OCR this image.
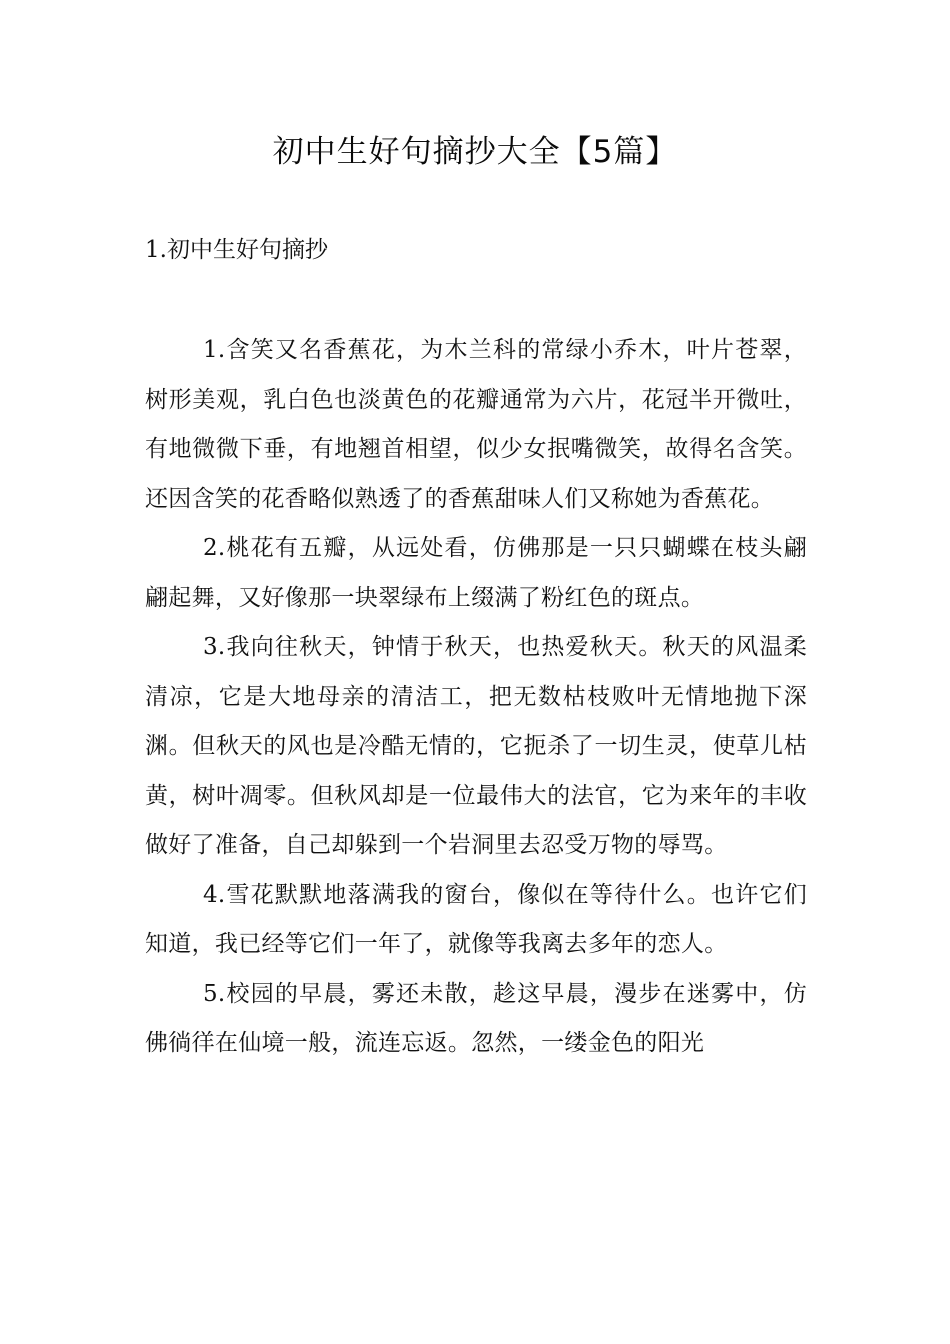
初中生好句摘抄大全【5篇】
1.初中生好句摘抄

1.含笑又名香蕉花，为木兰科的常绿小乔木，叶片苍翠，树形美观，乳白色也淡黄色的花瓣通常为六片，花冠半开微吐，有地微微下垂，有地翘首相望，似少女抿嘴微笑，故得名含笑。还因含笑的花香略似熟透了的香蕉甜味人们又称她为香蕉花。

2.桃花有五瓣，从远处看，仿佛那是一只只蝴蝶在枝头翩翩起舞，又好像那一块翠绿布上缀满了粉红色的斑点。

3.我向往秋天，钟情于秋天，也热爱秋天。秋天的风温柔清凉，它是大地母亲的清洁工，把无数枯枝败叶无情地抛下深渊。但秋天的风也是冷酷无情的，它扼杀了一切生灵，使草儿枯黄，树叶凋零。但秋风却是一位最伟大的法官，它为来年的丰收做好了准备，自己却躲到一个岩洞里去忍受万物的辱骂。

4.雪花默默地落满我的窗台，像似在等待什么。也许它们知道，我已经等它们一年了，就像等我离去多年的恋人。

5.校园的早晨，雾还未散，趁这早晨，漫步在迷雾中，仿佛徜徉在仙境一般，流连忘返。忽然，一缕金色的阳光
